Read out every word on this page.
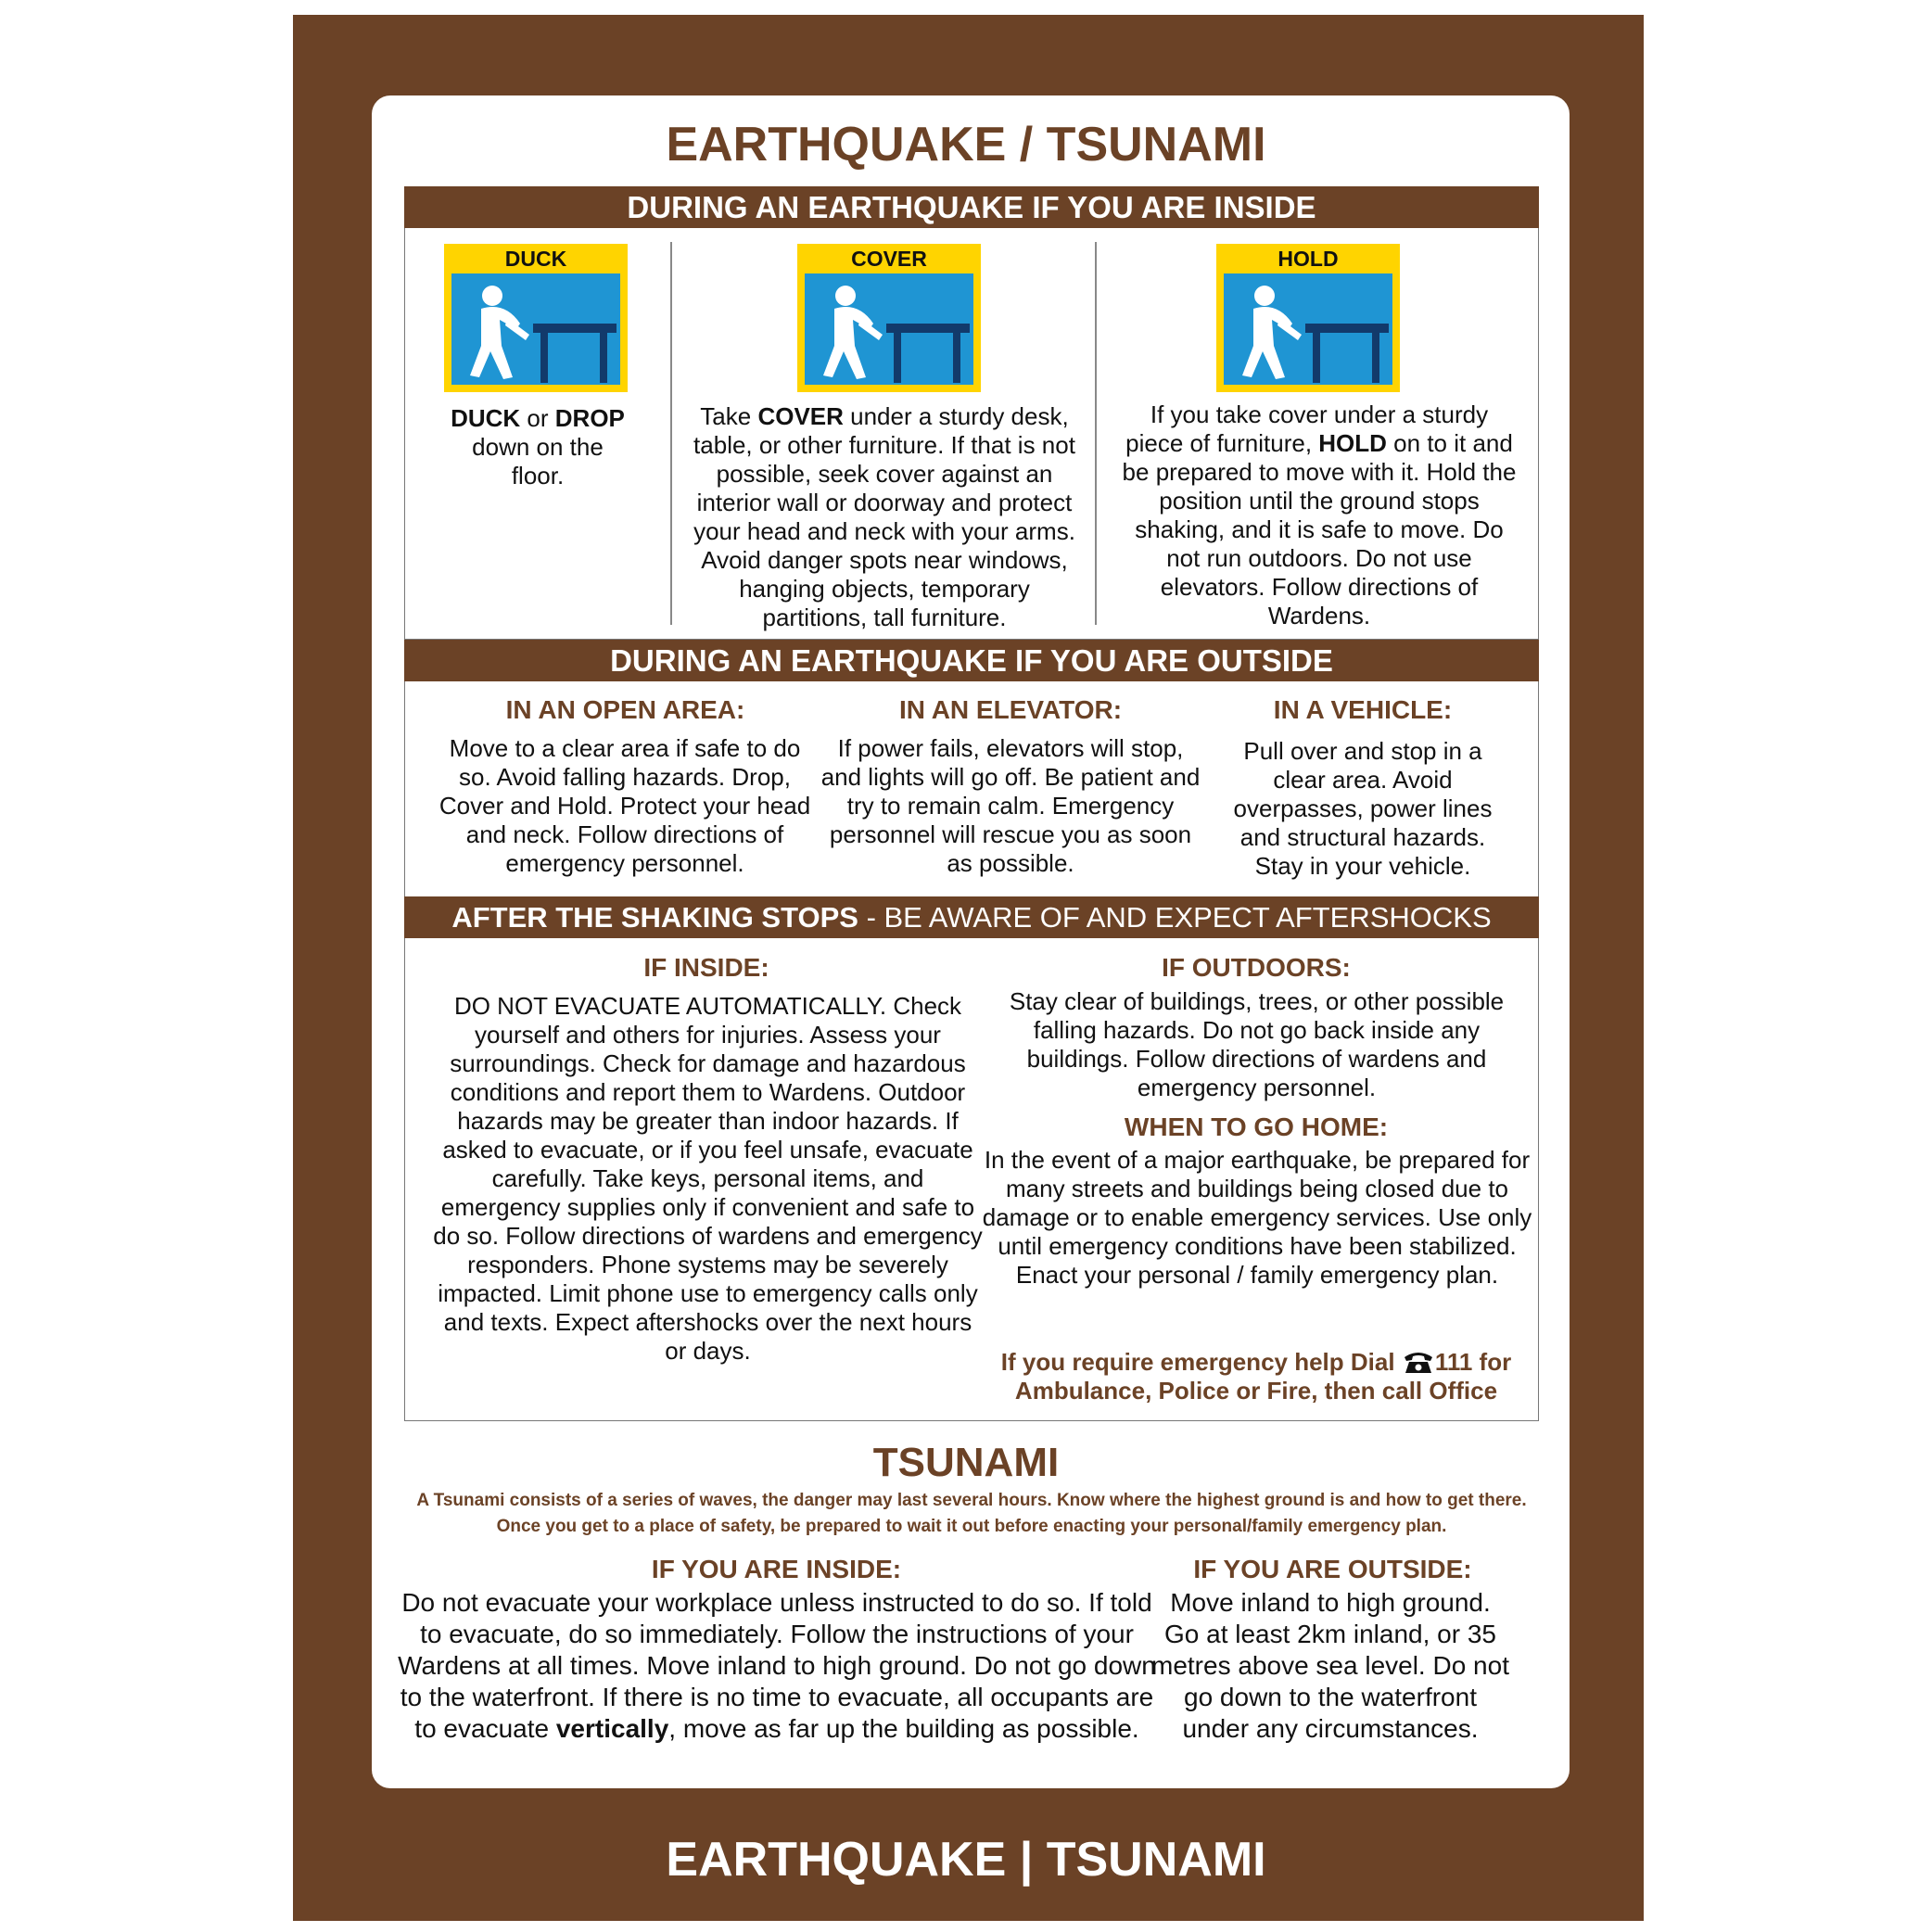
EARTHQUAKE / TSUNAMI
DURING AN EARTHQUAKE IF YOU ARE INSIDE
DUCK	COVER	HOLD
DUCK or DROP
down on the floor.
Take COVER under a sturdy desk, table, or other furniture. If that is not possible, seek cover against an interior wall or doorway and protect your head and neck with your arms. Avoid danger spots near windows, hanging objects, temporary partitions, tall furniture.
If you take cover under a sturdy piece of furniture, HOLD on to it and be prepared to move with it. Hold the position until the ground stops shaking, and it is safe to move. Do not run outdoors. Do not use elevators. Follow directions of Wardens.
DURING AN EARTHQUAKE IF YOU ARE OUTSIDE
IN AN OPEN AREA:
Move to a clear area if safe to do so. Avoid falling hazards. Drop, Cover and Hold. Protect your head and neck. Follow directions of emergency personnel.
IN AN ELEVATOR:
If power fails, elevators will stop, and lights will go off. Be patient and try to remain calm. Emergency personnel will rescue you as soon as possible.
IN A VEHICLE:
Pull over and stop in a clear area. Avoid overpasses, power lines and structural hazards. Stay in your vehicle.
AFTER THE SHAKING STOPS - BE AWARE OF AND EXPECT AFTERSHOCKS
IF INSIDE:
DO NOT EVACUATE AUTOMATICALLY. Check yourself and others for injuries. Assess your surroundings. Check for damage and hazardous conditions and report them to Wardens. Outdoor hazards may be greater than indoor hazards. If asked to evacuate, or if you feel unsafe, evacuate carefully. Take keys, personal items, and emergency supplies only if convenient and safe to do so. Follow directions of wardens and emergency responders. Phone systems may be severely impacted. Limit phone use to emergency calls only and texts. Expect aftershocks over the next hours or days.
IF OUTDOORS:
Stay clear of buildings, trees, or other possible falling hazards. Do not go back inside any buildings. Follow directions of wardens and emergency personnel.
WHEN TO GO HOME:
In the event of a major earthquake, be prepared for many streets and buildings being closed due to damage or to enable emergency services. Use only until emergency conditions have been stabilized. Enact your personal / family emergency plan.
If you require emergency help Dial 111 for
Ambulance, Police or Fire, then call Office
TSUNAMI
A Tsunami consists of a series of waves, the danger may last several hours. Know where the highest ground is and how to get there. Once you get to a place of safety, be prepared to wait it out before enacting your personal/family emergency plan.
IF YOU ARE INSIDE:
Do not evacuate your workplace unless instructed to do so. If told to evacuate, do so immediately. Follow the instructions of your Wardens at all times. Move inland to high ground. Do not go down to the waterfront. If there is no time to evacuate, all occupants are to evacuate vertically, move as far up the building as possible.
IF YOU ARE OUTSIDE:
Move inland to high ground. Go at least 2km inland, or 35 metres above sea level. Do not go down to the waterfront under any circumstances.
EARTHQUAKE | TSUNAMI
